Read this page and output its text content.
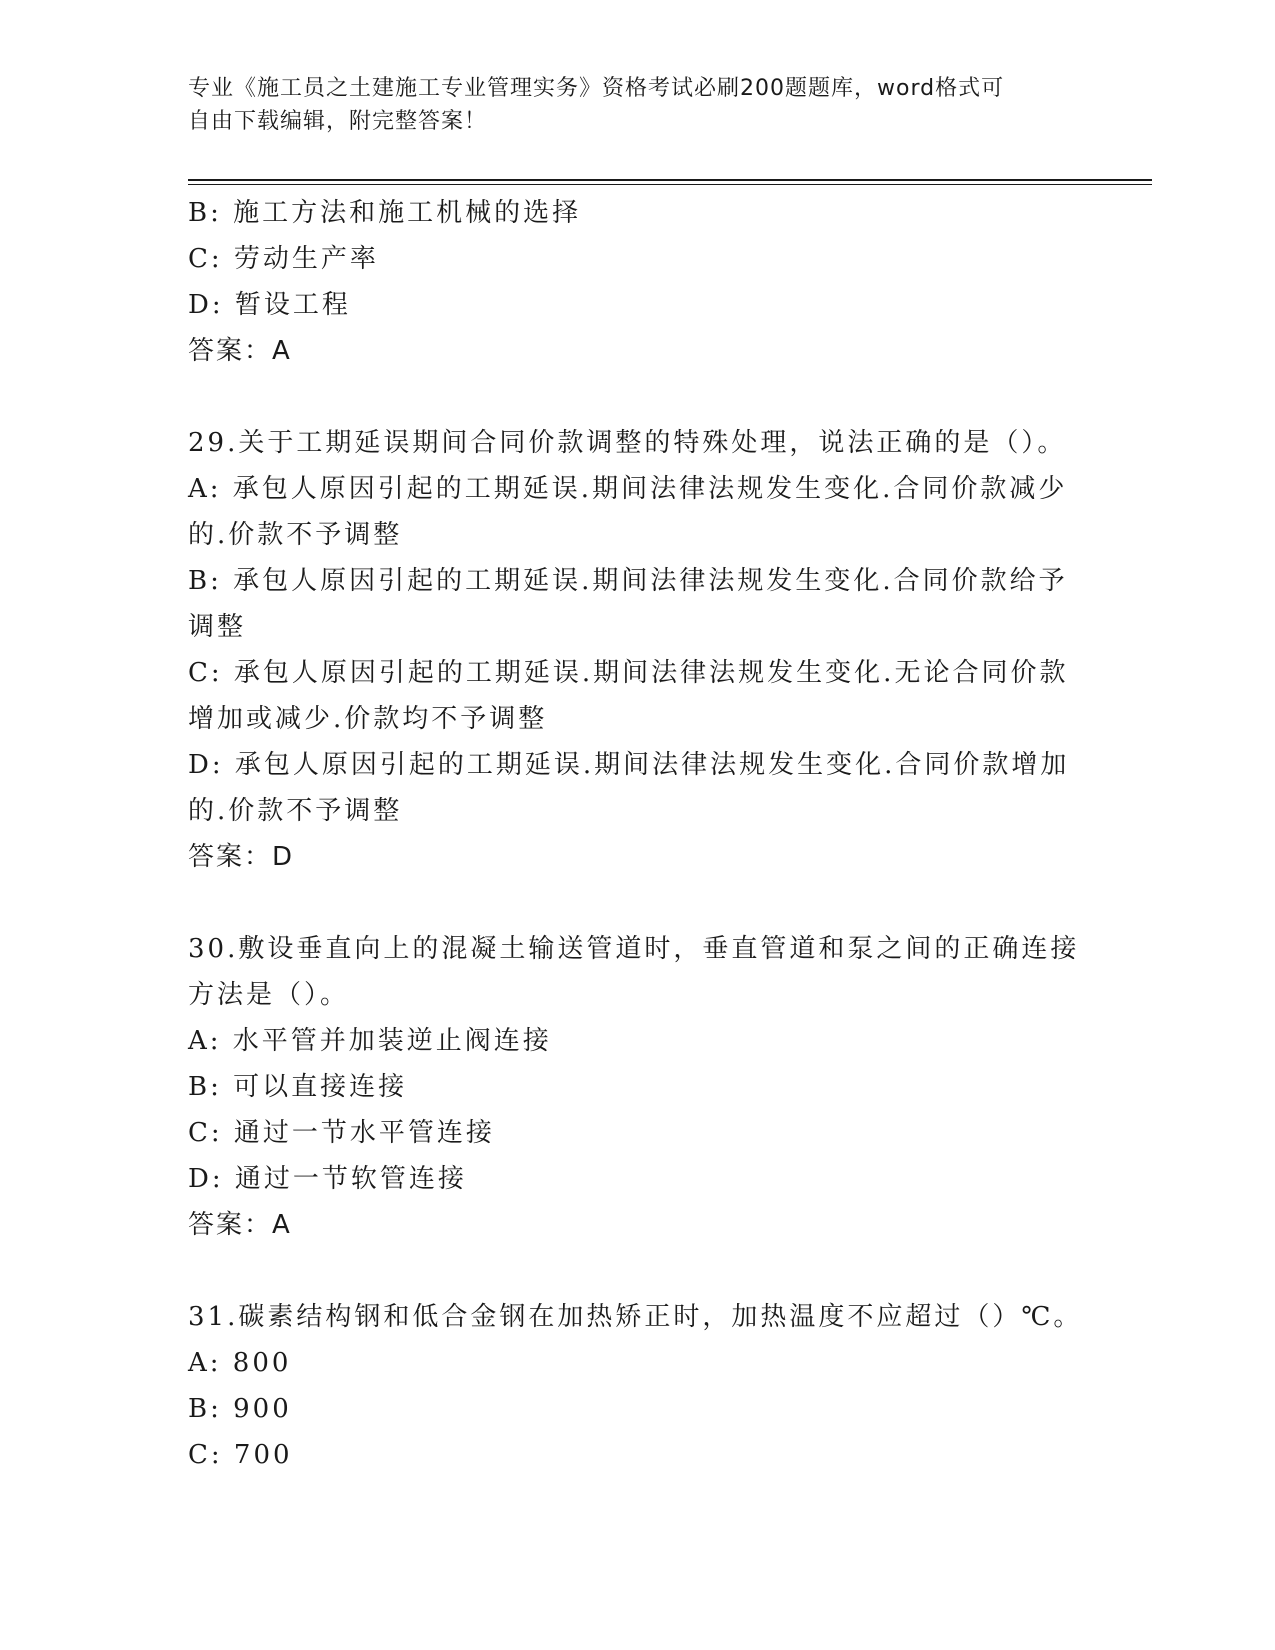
专业《施工员之土建施工专业管理实务》资格考试必刷200题题库，word格式可
自由下载编辑，附完整答案！

B: 施工方法和施工机械的选择

C: 劳动生产率

D: 暂设工程

答案：A

29.关于工期延误期间合同价款调整的特殊处理，说法正确的是（）。

A: 承包人原因引起的工期延误.期间法律法规发生变化.合同价款减少

的.价款不予调整

B: 承包人原因引起的工期延误.期间法律法规发生变化.合同价款给予

调整

C: 承包人原因引起的工期延误.期间法律法规发生变化.无论合同价款

增加或减少.价款均不予调整

D: 承包人原因引起的工期延误.期间法律法规发生变化.合同价款增加

的.价款不予调整

答案：D

30.敷设垂直向上的混凝土输送管道时，垂直管道和泵之间的正确连接

方法是（）。

A: 水平管并加装逆止阀连接

B: 可以直接连接

C: 通过一节水平管连接

D: 通过一节软管连接

答案：A

31.碳素结构钢和低合金钢在加热矫正时，加热温度不应超过（）℃。

A: 800

B: 900

C: 700
